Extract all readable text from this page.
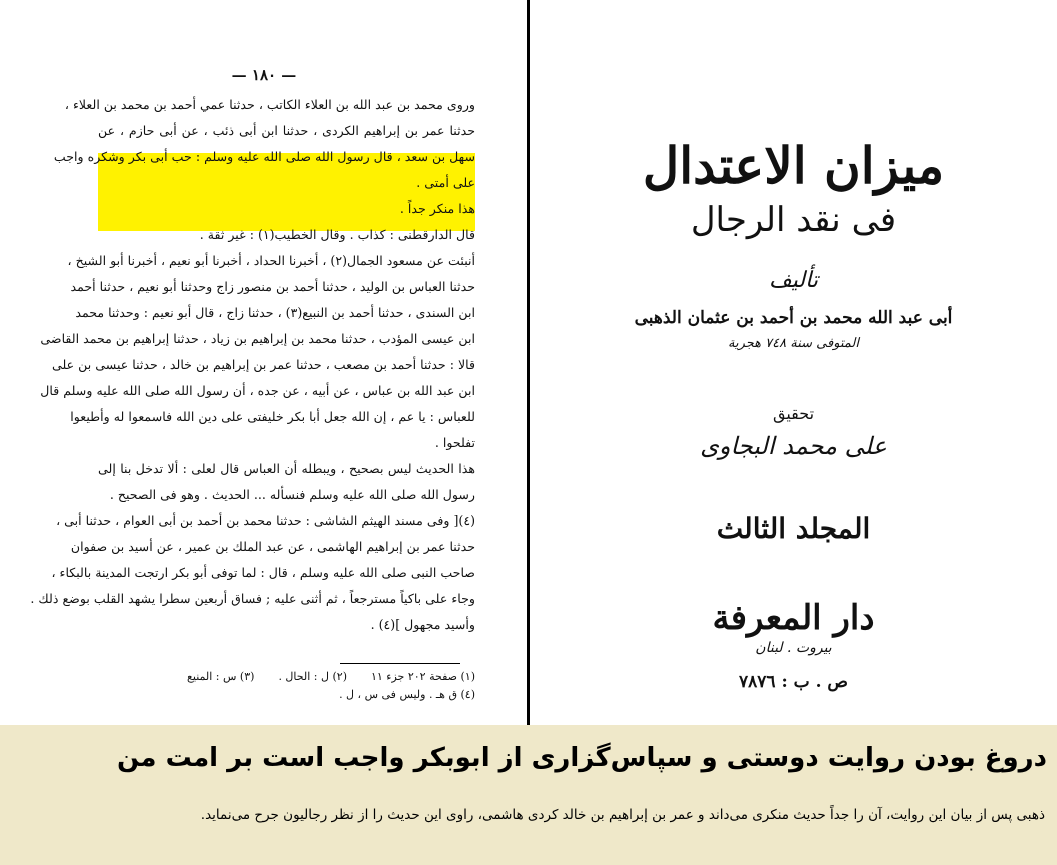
— ١٨٠ —
وروى محمد بن عبد الله بن العلاء الكاتب ، حدثنا عمي أحمد بن محمد بن العلاء ،
حدثنا عمر بن إبراهيم الكردى ، حدثنا ابن أبى ذئب ، عن أبى حازم ، عن
سهل بن سعد ، قال رسول الله صلى الله عليه وسلم : حب أبى بكر وشكره واجب
على أمتى .
هذا منكر جداً .
قال الدارقطنى : كذاب . وقال الخطيب(١) : غير ثقة .
أنبئت عن مسعود الجمال(٢) ، أخبرنا الحداد ، أخبرنا أبو نعيم ، أخبرنا أبو الشيخ ،
حدثنا العباس بن الوليد ، حدثنا أحمد بن منصور زاج وحدثنا أبو نعيم ، حدثنا أحمد
ابن السندى ، حدثنا أحمد بن النبيع(٣) ، حدثنا زاج ، قال أبو نعيم : وحدثنا محمد
ابن عيسى المؤدب ، حدثنا محمد بن إبراهيم بن زياد ، حدثنا إبراهيم بن محمد القاضى
قالا : حدثنا أحمد بن مصعب ، حدثنا عمر بن إبراهيم بن خالد ، حدثنا عيسى بن على
ابن عبد الله بن عباس ، عن أبيه ، عن جده ، أن رسول الله صلى الله عليه وسلم قال
للعباس : يا عم ، إن الله جعل أبا بكر خليفتى على دين الله فاسمعوا له وأطيعوا
تفلحوا .
هذا الحديث ليس بصحيح ، ويبطله أن العباس قال لعلى : ألا تدخل بنا إلى
رسول الله صلى الله عليه وسلم فنسأله ... الحديث . وهو فى الصحيح .
(٤)[ وفى مسند الهيثم الشاشى : حدثنا محمد بن أحمد بن أبى العوام ، حدثنا أبى ،
حدثنا عمر بن إبراهيم الهاشمى ، عن عبد الملك بن عمير ، عن أسيد بن صفوان
صاحب النبى صلى الله عليه وسلم ، قال : لما توفى أبو بكر ارتجت المدينة بالبكاء ،
وجاء على باكياً مسترجعاً ، ثم أثنى عليه ; فساق أربعين سطرا يشهد القلب بوضع ذلك .
وأسيد مجهول ](٤) .
(١) صفحة ٢٠٢ جزء ١١(٢) ل : الحال .(٣) س : المنيع
(٤) ق هـ . وليس فى س ، ل .
ميزان الاعتدال
فى نقد الرجال
تأليف
أبى عبد الله محمد بن أحمد بن عثمان الذهبى
المتوفى سنة ٧٤٨ هجرية
تحقيق
على محمد البجاوى
المجلد الثالث
دار المعرفة
بيروت . لبنان
ص . ب : ٧٨٧٦
دروغ بودن روایت دوستی و سپاس‌گزاری از ابوبکر واجب است بر امت من
ذهبی پس از بیان این روایت، آن را جداً حدیث منکری می‌داند و عمر بن إبراهیم بن خالد کردی هاشمی، راوی این حدیث را از نظر رجالیون جرح می‌نماید.
